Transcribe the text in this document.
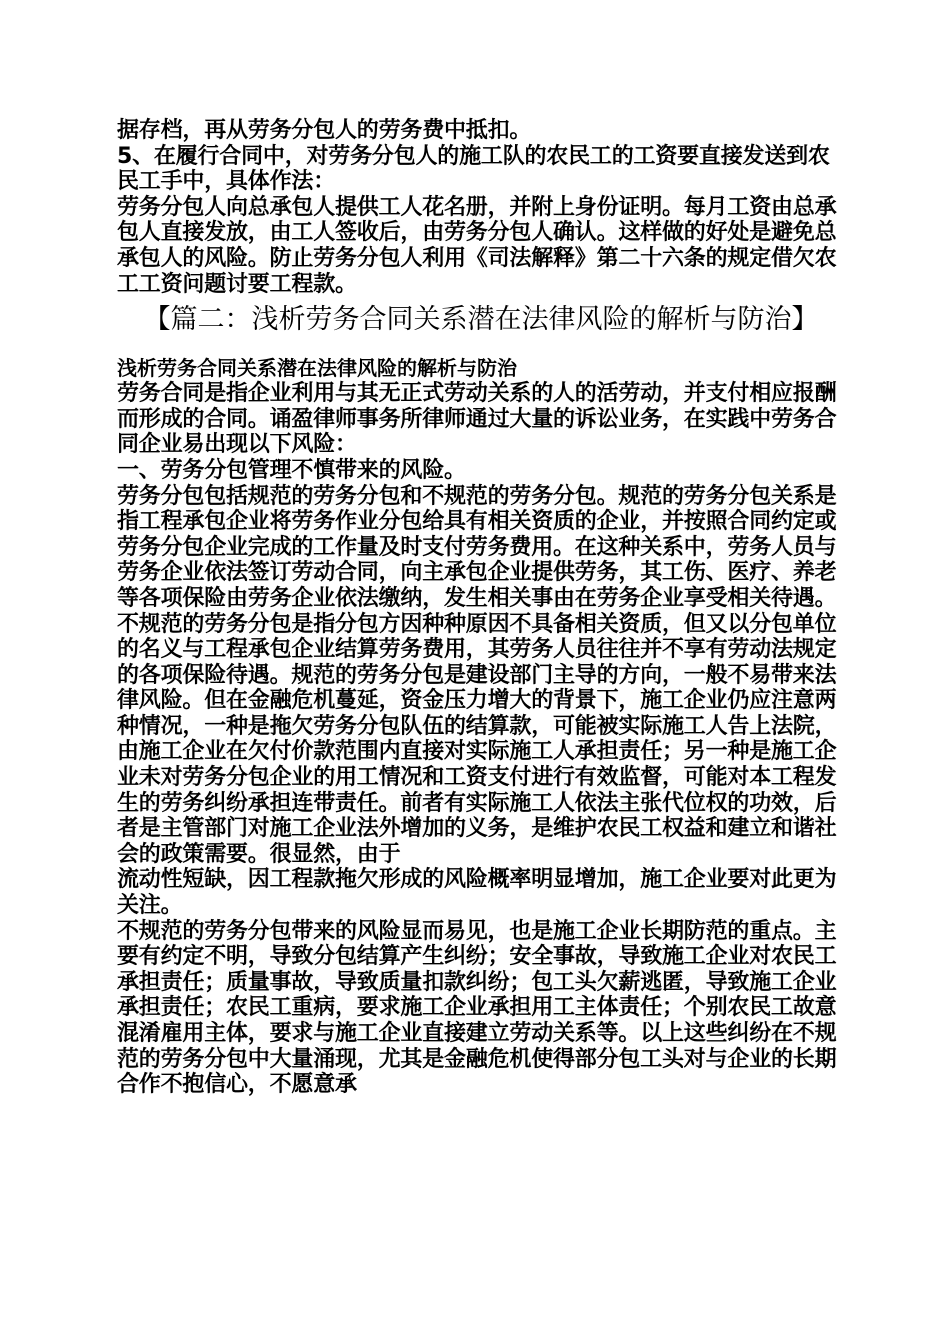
据存档，再从劳务分包人的劳务费中抵扣。

5、在履行合同中，对劳务分包人的施工队的农民工的工资要直接发送到农民工手中，具体作法：

劳务分包人向总承包人提供工人花名册，并附上身份证明。每月工资由总承包人直接发放，由工人签收后，由劳务分包人确认。这样做的好处是避免总承包人的风险。防止劳务分包人利用《司法解释》第二十六条的规定借欠农工工资问题讨要工程款。

【篇二：浅析劳务合同关系潜在法律风险的解析与防治】

浅析劳务合同关系潜在法律风险的解析与防治

劳务合同是指企业利用与其无正式劳动关系的人的活劳动，并支付相应报酬而形成的合同。诵盈律师事务所律师通过大量的诉讼业务，在实践中劳务合同企业易出现以下风险：

一、劳务分包管理不慎带来的风险。

劳务分包包括规范的劳务分包和不规范的劳务分包。规范的劳务分包关系是指工程承包企业将劳务作业分包给具有相关资质的企业，并按照合同约定或劳务分包企业完成的工作量及时支付劳务费用。在这种关系中，劳务人员与劳务企业依法签订劳动合同，向主承包企业提供劳务，其工伤、医疗、养老等各项保险由劳务企业依法缴纳，发生相关事由在劳务企业享受相关待遇。不规范的劳务分包是指分包方因种种原因不具备相关资质，但又以分包单位的名义与工程承包企业结算劳务费用，其劳务人员往往并不享有劳动法规定的各项保险待遇。规范的劳务分包是建设部门主导的方向，一般不易带来法律风险。但在金融危机蔓延，资金压力增大的背景下，施工企业仍应注意两种情况，一种是拖欠劳务分包队伍的结算款，可能被实际施工人告上法院，由施工企业在欠付价款范围内直接对实际施工人承担责任；另一种是施工企业未对劳务分包企业的用工情况和工资支付进行有效监督，可能对本工程发生的劳务纠纷承担连带责任。前者有实际施工人依法主张代位权的功效，后者是主管部门对施工企业法外增加的义务，是维护农民工权益和建立和谐社会的政策需要。很显然，由于

流动性短缺，因工程款拖欠形成的风险概率明显增加，施工企业要对此更为关注。

不规范的劳务分包带来的风险显而易见，也是施工企业长期防范的重点。主要有约定不明，导致分包结算产生纠纷；安全事故，导致施工企业对农民工承担责任；质量事故，导致质量扣款纠纷；包工头欠薪逃匿，导致施工企业承担责任；农民工重病，要求施工企业承担用工主体责任；个别农民工故意混淆雇用主体，要求与施工企业直接建立劳动关系等。以上这些纠纷在不规范的劳务分包中大量涌现，尤其是金融危机使得部分包工头对与企业的长期合作不抱信心，不愿意承
